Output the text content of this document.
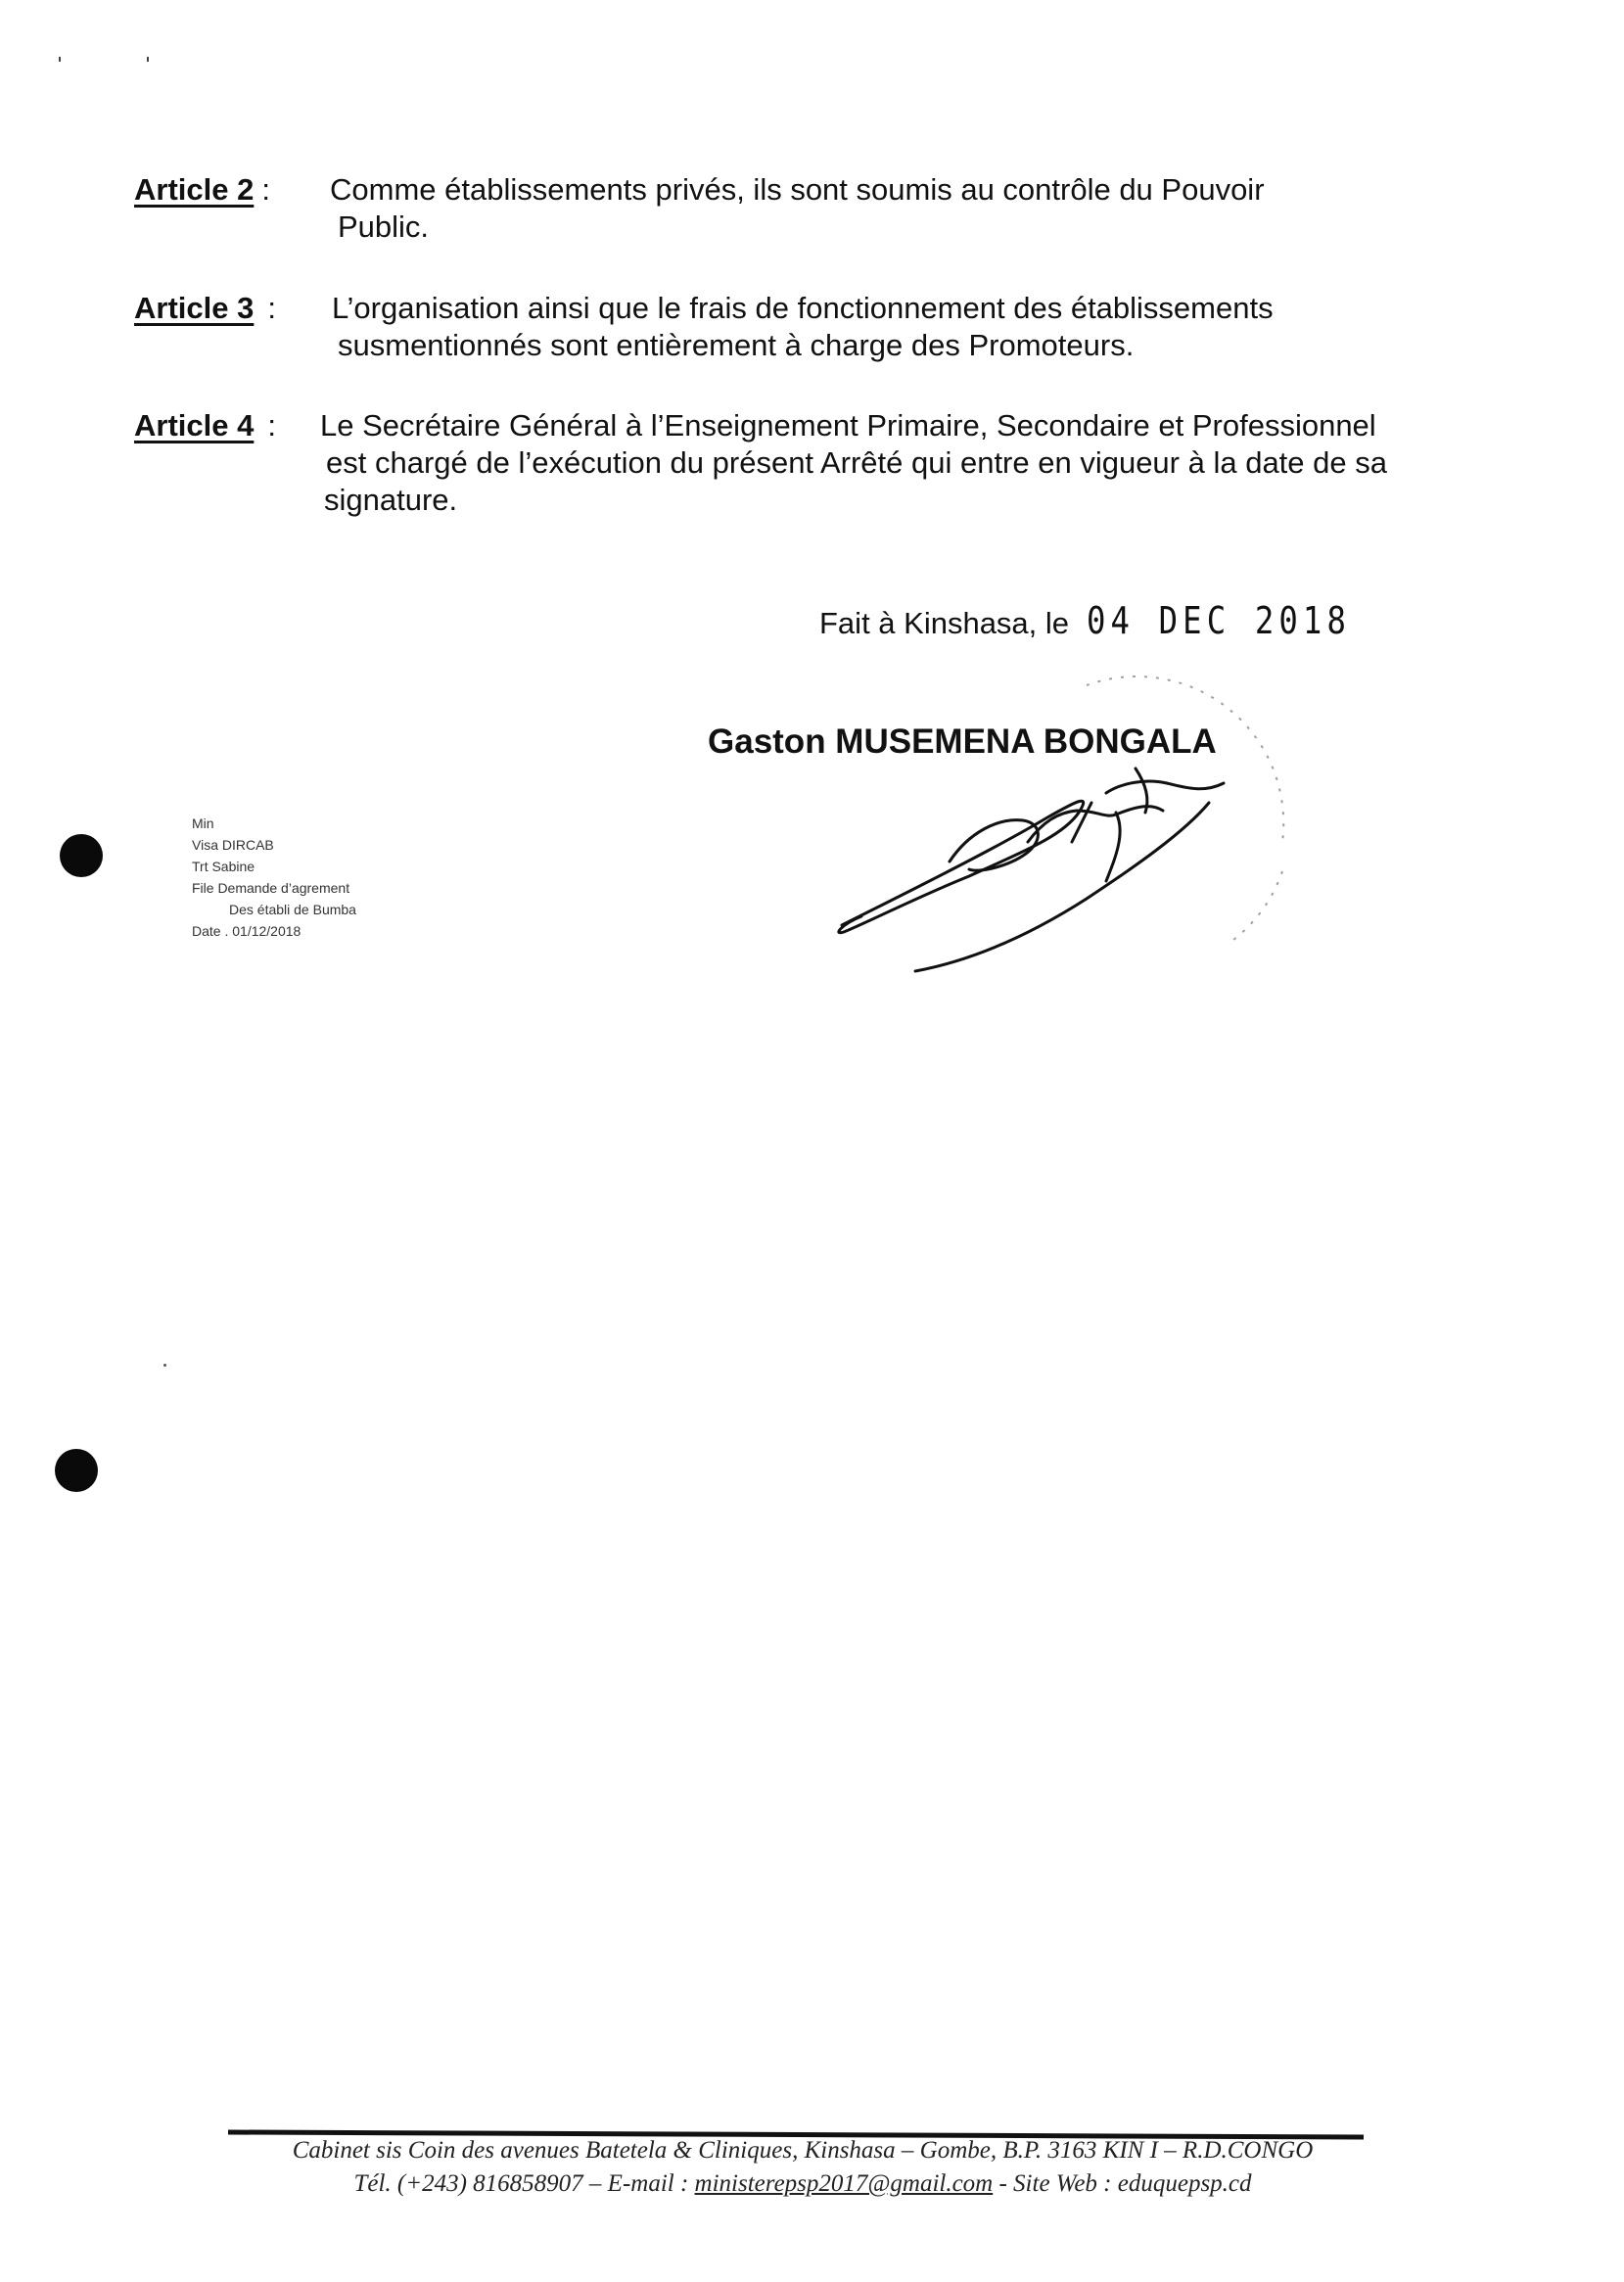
Article 2 : Comme établissements privés, ils sont soumis au contrôle du Pouvoir
Public.
Article 3 : L’organisation ainsi que le frais de fonctionnement des établissements
susmentionnés sont entièrement à charge des Promoteurs.
Article 4 : Le Secrétaire Général à l’Enseignement Primaire, Secondaire et Professionnel
est chargé de l’exécution du présent Arrêté qui entre en vigueur à la date de sa
signature.
Fait à Kinshasa, le 04 DEC 2018
Gaston MUSEMENA BONGALA
Min
Visa DIRCAB
Trt Sabine
File Demande d’agrement
Des établi de Bumba
Date . 01/12/2018
Cabinet sis Coin des avenues Batetela & Cliniques, Kinshasa – Gombe, B.P. 3163 KIN I – R.D.CONGO
Tél. (+243) 816858907 – E-mail : ministerepsp2017@gmail.com - Site Web : eduquepsp.cd
